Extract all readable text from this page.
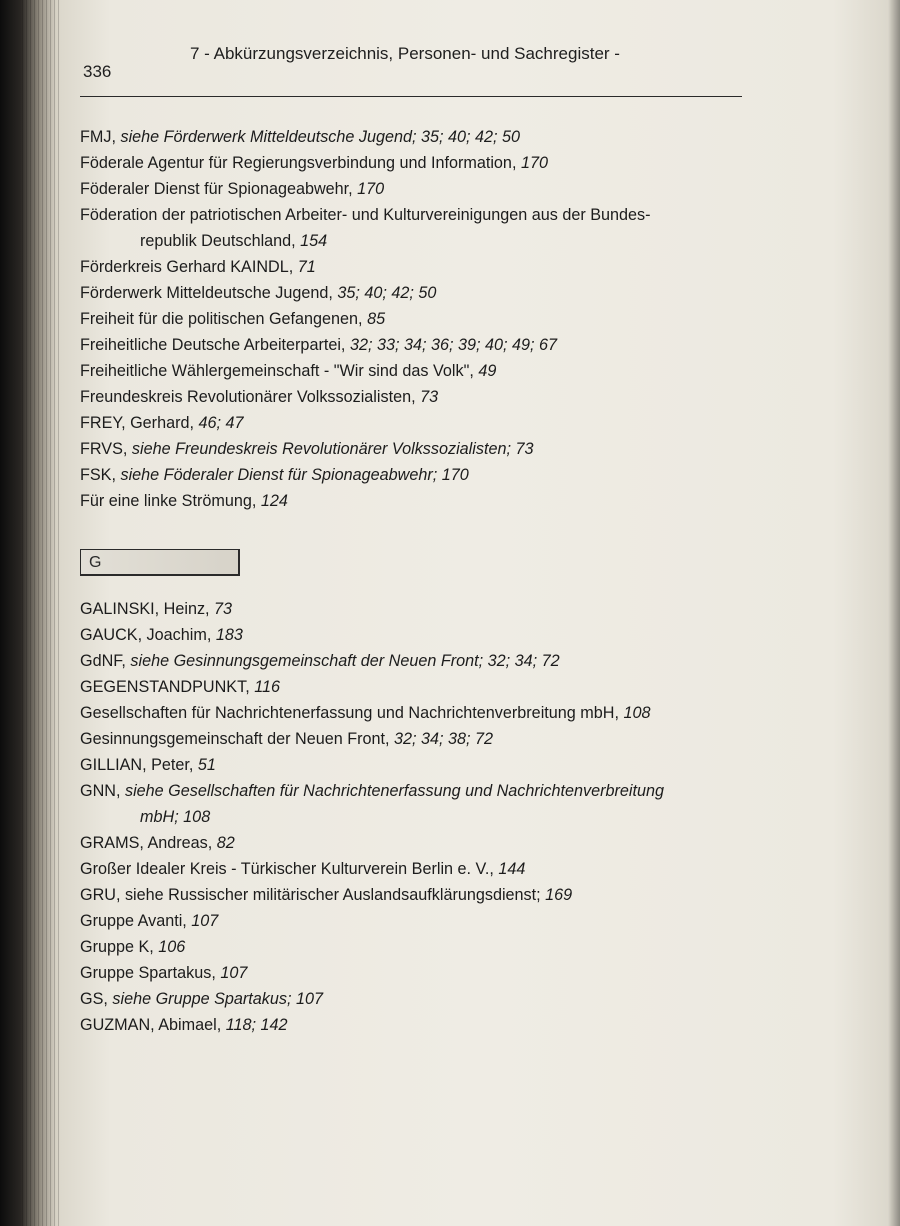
336
7 - Abkürzungsverzeichnis, Personen- und Sachregister -
FMJ, siehe Förderwerk Mitteldeutsche Jugend; 35; 40; 42; 50
Föderale Agentur für Regierungsverbindung und Information, 170
Föderaler Dienst für Spionageabwehr, 170
Föderation der patriotischen Arbeiter- und Kulturvereinigungen aus der Bundes-
republik Deutschland, 154
Förderkreis Gerhard KAINDL, 71
Förderwerk Mitteldeutsche Jugend, 35; 40; 42; 50
Freiheit für die politischen Gefangenen, 85
Freiheitliche Deutsche Arbeiterpartei, 32; 33; 34; 36; 39; 40; 49; 67
Freiheitliche Wählergemeinschaft - "Wir sind das Volk", 49
Freundeskreis Revolutionärer Volkssozialisten, 73
FREY, Gerhard, 46; 47
FRVS, siehe Freundeskreis Revolutionärer Volkssozialisten; 73
FSK, siehe Föderaler Dienst für Spionageabwehr; 170
Für eine linke Strömung, 124
G
GALINSKI, Heinz, 73
GAUCK, Joachim, 183
GdNF, siehe Gesinnungsgemeinschaft der Neuen Front; 32; 34; 72
GEGENSTANDPUNKT, 116
Gesellschaften für Nachrichtenerfassung und Nachrichtenverbreitung mbH, 108
Gesinnungsgemeinschaft der Neuen Front, 32; 34; 38; 72
GILLIAN, Peter, 51
GNN, siehe Gesellschaften für Nachrichtenerfassung und Nachrichtenverbreitung
mbH; 108
GRAMS, Andreas, 82
Großer Idealer Kreis - Türkischer Kulturverein Berlin e. V., 144
GRU, siehe Russischer militärischer Auslandsaufklärungsdienst; 169
Gruppe Avanti, 107
Gruppe K, 106
Gruppe Spartakus, 107
GS, siehe Gruppe Spartakus; 107
GUZMAN, Abimael, 118; 142
